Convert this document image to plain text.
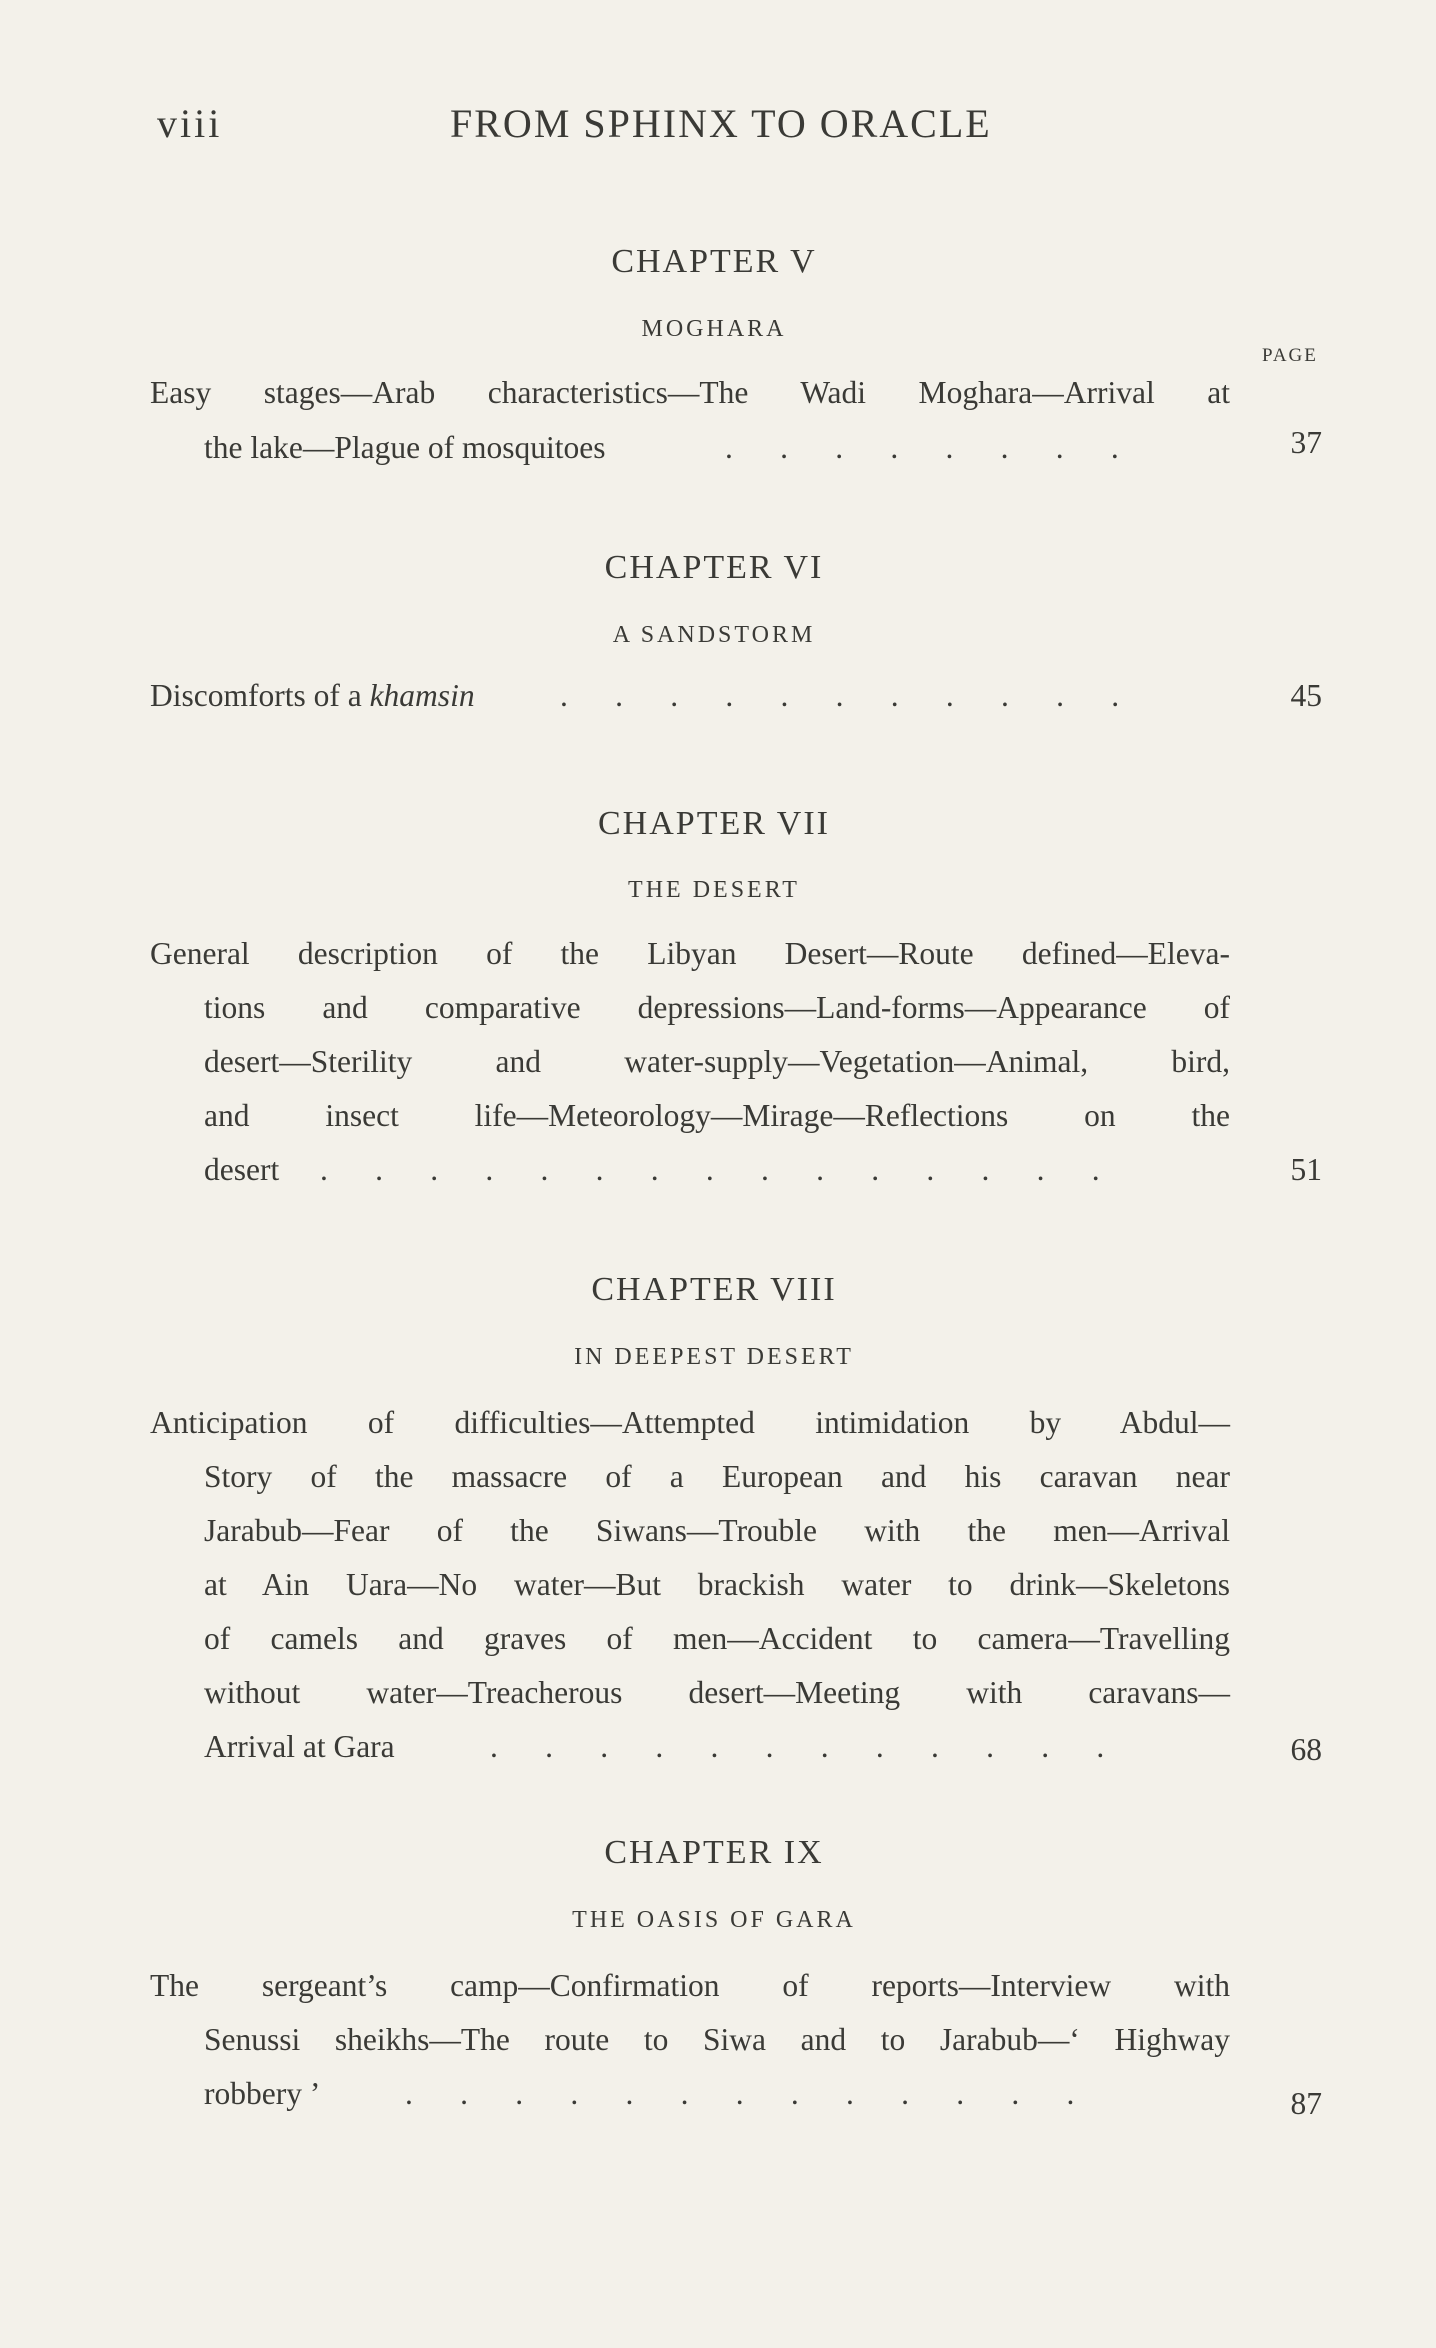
viii	FROM SPHINX TO ORACLE
CHAPTER V
MOGHARA
PAGE
Easy stages—Arab characteristics—The Wadi Moghara—Arrival at
the lake—Plague of mosquitoes	.      .      .      .      .      .      .      .	37
CHAPTER VI
A SANDSTORM
Discomforts of a khamsin	.      .      .      .      .      .      .      .      .      .      .	45
CHAPTER VII
THE DESERT
General description of the Libyan Desert—Route defined—Eleva-
tions and comparative depressions—Land-forms—Appearance of
desert—Sterility and water-supply—Vegetation—Animal, bird,
and insect life—Meteorology—Mirage—Reflections on the
desert	.      .      .      .      .      .      .      .      .      .      .      .      .      .      .	51
CHAPTER VIII
IN DEEPEST DESERT
Anticipation of difficulties—Attempted intimidation by Abdul—
Story of the massacre of a European and his caravan near
Jarabub—Fear of the Siwans—Trouble with the men—Arrival
at Ain Uara—No water—But brackish water to drink—Skeletons
of camels and graves of men—Accident to camera—Travelling
without water—Treacherous desert—Meeting with caravans—
Arrival at Gara	.      .      .      .      .      .      .      .      .      .      .      .	68
CHAPTER IX
THE OASIS OF GARA
The sergeant’s camp—Confirmation of reports—Interview with
Senussi sheikhs—The route to Siwa and to Jarabub—‘ Highway
robbery ’	.      .      .      .      .      .      .      .      .      .      .      .      .	87
